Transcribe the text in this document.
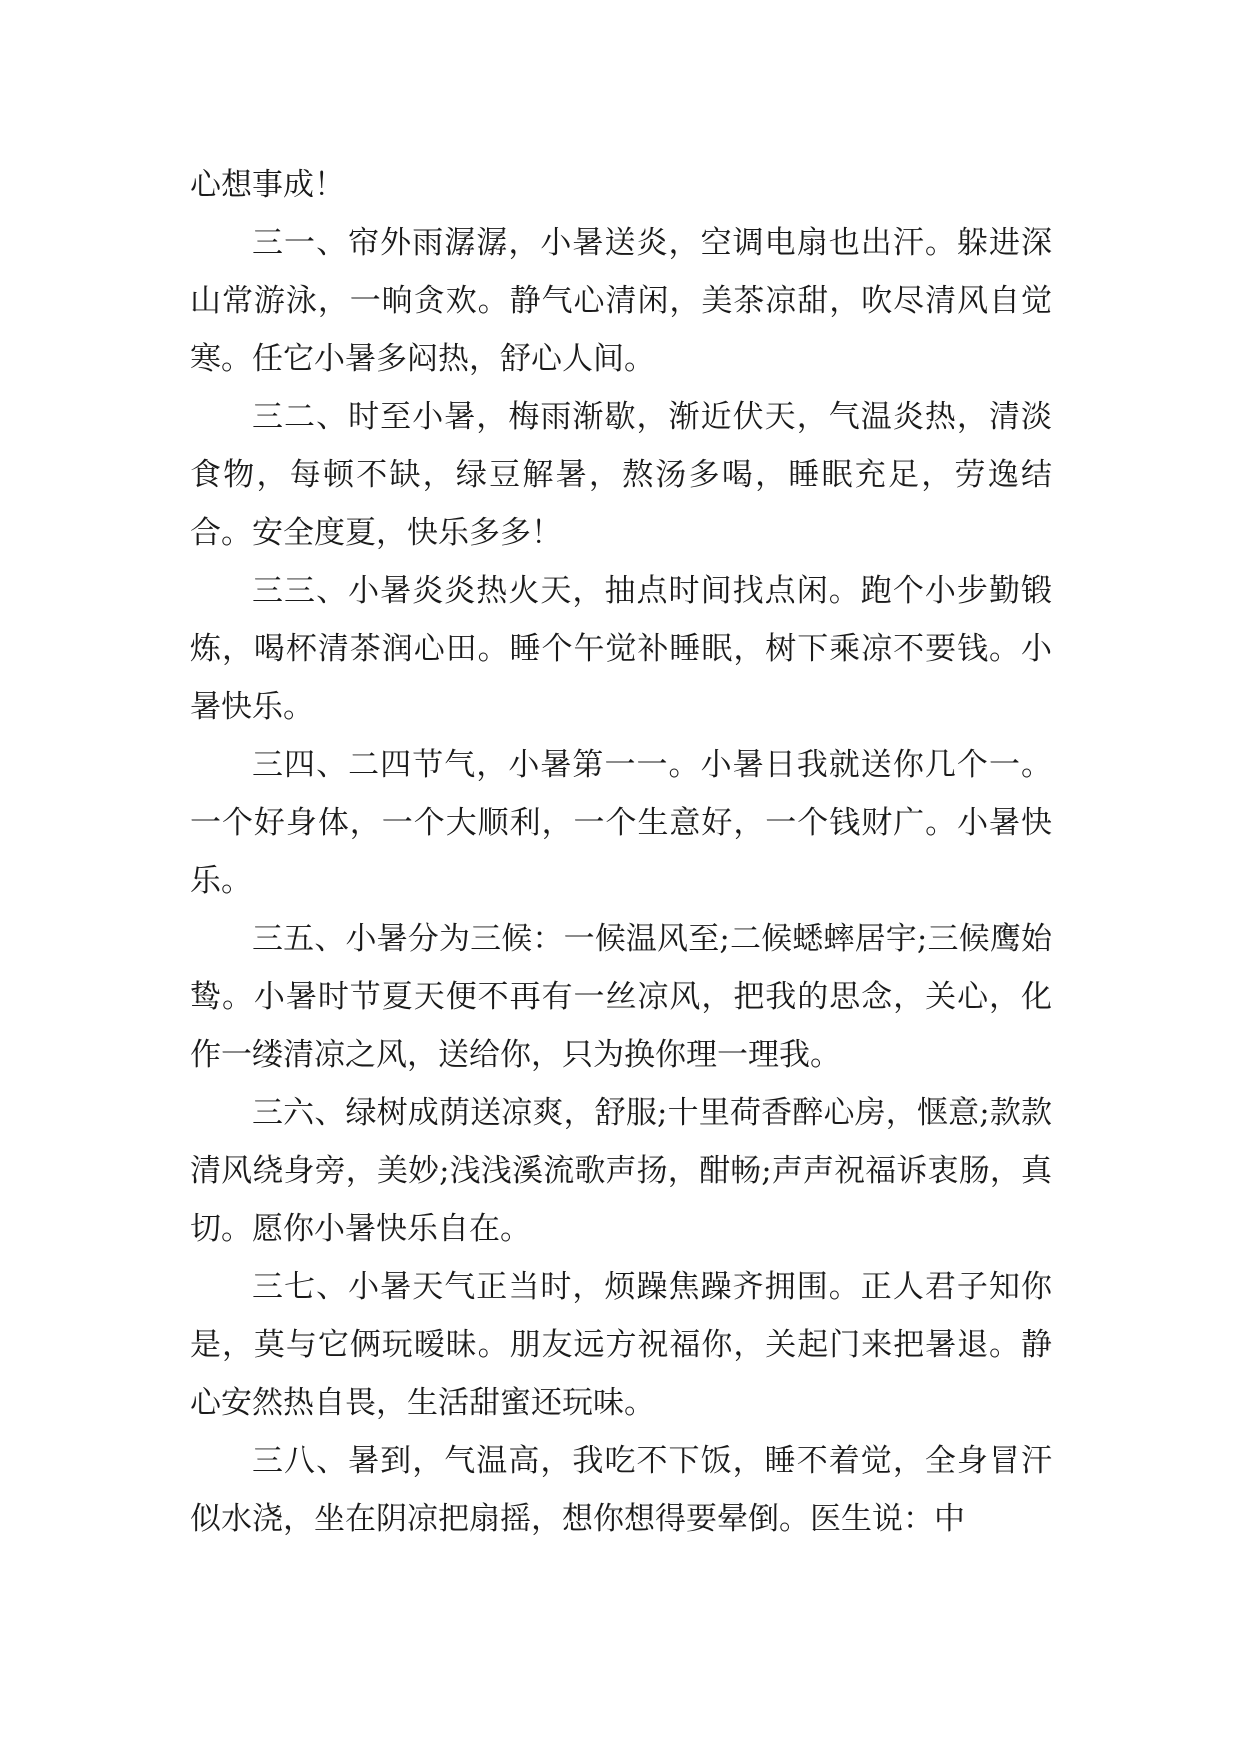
心想事成！

三一、帘外雨潺潺，小暑送炎，空调电扇也出汗。躲进深山常游泳，一晌贪欢。静气心清闲，美茶凉甜，吹尽清风自觉寒。任它小暑多闷热，舒心人间。

三二、时至小暑，梅雨渐歇，渐近伏天，气温炎热，清淡食物，每顿不缺，绿豆解暑，熬汤多喝，睡眠充足，劳逸结合。安全度夏，快乐多多！

三三、小暑炎炎热火天，抽点时间找点闲。跑个小步勤锻炼，喝杯清茶润心田。睡个午觉补睡眠，树下乘凉不要钱。小暑快乐。

三四、二四节气，小暑第一一。小暑日我就送你几个一。一个好身体，一个大顺利，一个生意好，一个钱财广。小暑快乐。

三五、小暑分为三候：一候温风至;二候蟋蟀居宇;三候鹰始鸷。小暑时节夏天便不再有一丝凉风，把我的思念，关心，化作一缕清凉之风，送给你，只为换你理一理我。

三六、绿树成荫送凉爽，舒服;十里荷香醉心房，惬意;款款清风绕身旁，美妙;浅浅溪流歌声扬，酣畅;声声祝福诉衷肠，真切。愿你小暑快乐自在。

三七、小暑天气正当时，烦躁焦躁齐拥围。正人君子知你是，莫与它俩玩暧昧。朋友远方祝福你，关起门来把暑退。静心安然热自畏，生活甜蜜还玩味。

三八、暑到，气温高，我吃不下饭，睡不着觉，全身冒汗似水浇，坐在阴凉把扇摇，想你想得要晕倒。医生说：中
